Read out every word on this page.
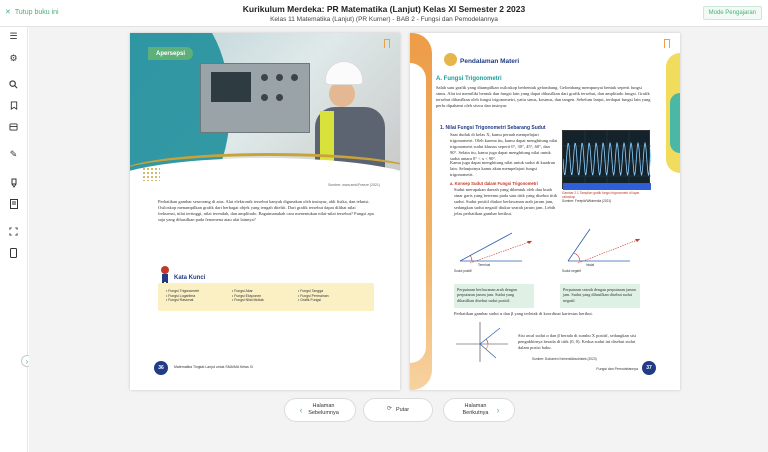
✕ Tutup buku ini	Kurikulum Merdeka: PR Matematika (Lanjut) Kelas XI Semester 2 2023
Kelas 11 Matematika (Lanjut) (PR Kurner) - BAB 2 - Fungsi dan Pemodelannya
Mode Pengajaran
☰
⚙
✎
›
Apersepsi
Sumber: www.smk/Freeze (2021)
Perhatikan gambar seseorang di atas. Alat elektronik tersebut banyak digunakan oleh insinyur, ahli fisika, dan teknisi. Osiloskop menampilkan grafik dari berbagai objek yang tengah diteliti. Dari grafik tersebut dapat dilihat nilai frekuensi, nilai tertinggi, nilai terendah, dan amplitudo. Bagaimanakah cara menentukan nilai-nilai tersebut? Fungsi apa saja yang dihasilkan pada fenomena atau alat lainnya?
Kata Kunci
• Fungsi Trigonometri
• Fungsi Logaritma
• Fungsi Rasional
• Fungsi Akar
• Fungsi Eksponen
• Fungsi Nilai Mutlak
• Fungsi Tangga
• Fungsi Permainan
• Grafik Fungsi
36	Matematika Tingkat Lanjut untuk SMA/MA Kelas XI
Pendalaman Materi
A. Fungsi Trigonometri
Salah satu grafik yang ditampilkan osiloskop berbentuk gelombang. Gelombang mempunyai bentuk seperti fungsi sinus. Alat ini memiliki bentuk dan fungsi lain yang dapat dihasilkan dari grafik tersebut, dan amplitudo fungsi. Grafik tersebut dihasilkan oleh fungsi trigonometri, yaitu sinus, kosinus, dan tangen. Sebelum lanjut, terdapat fungsi lain yang perlu dipahami oleh siswa dan insinyur.
1. Nilai Fungsi Trigonometri Sebarang Sudut
Saat duduk di kelas X, kamu pernah mempelajari trigonometri. Oleh karena itu, kamu dapat menghitung nilai trigonometri sudut khusus seperti 0°, 30°, 45°, 60°, dan 90°. Selain itu, kamu juga dapat menghitung nilai untuk sudut antara 0° < x < 90°.
Kamu juga dapat menghitung nilai untuk sudut di kuadran lain. Selanjutnya kamu akan mempelajari fungsi trigonometri.
Gambar 2.1 Tampilan grafik fungsi trigonometri di layar osiloskop
Sumber: Freepik/Wikimedia (2021)
a. Konsep Sudut dalam Fungsi Trigonometri
Sudut merupakan daerah yang dibentuk oleh dua buah sinar garis yang bertemu pada satu titik yang disebut titik sudut. Sudut positif diukur berlawanan arah jarum jam, sedangkan sudut negatif diukur searah jarum jam. Lebih jelas perhatikan gambar berikut.
Sudut positif
Terminal
Sudut negatif
Inisial
Perputaran berlawanan arah dengan perputaran jarum jam. Sudut yang dihasilkan disebut sudut positif.
Perputaran searah dengan perputaran jarum jam. Sudut yang dihasilkan disebut sudut negatif.
Perhatikan gambar sudut α dan β yang terletak di koordinat kartesius berikut.
Sisi awal sudut α dan β berada di sumbu X positif, sedangkan sisi pengakhirnya berada di titik (0, 0). Kedua sudut ini disebut sudut dalam posisi baku.
Sumber: Dokumen Kemendikbudristek (2023)
Fungsi dan Pemodelannya	37
‹	Halaman Sebelumnya
⟳ Putar
Halaman Berikutnya ›
